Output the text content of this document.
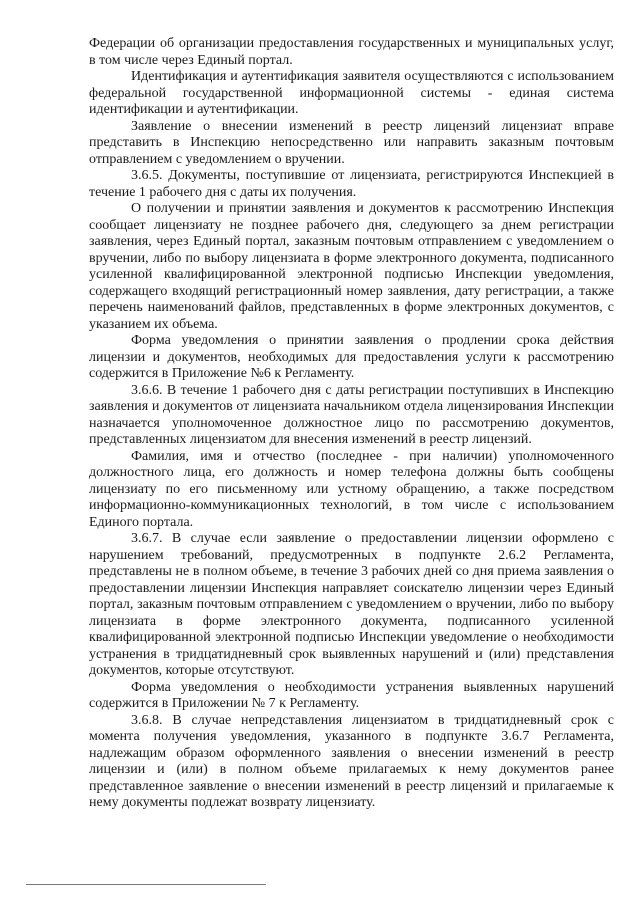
Федерации об организации предоставления государственных и муниципальных услуг, в том числе через Единый портал.

Идентификация и аутентификация заявителя осуществляются с использованием федеральной государственной информационной системы - единая система идентификации и аутентификации.

Заявление о внесении изменений в реестр лицензий лицензиат вправе представить в Инспекцию непосредственно или направить заказным почтовым отправлением с уведомлением о вручении.

3.6.5. Документы, поступившие от лицензиата, регистрируются Инспекцией в течение 1 рабочего дня с даты их получения.

О получении и принятии заявления и документов к рассмотрению Инспекция сообщает лицензиату не позднее рабочего дня, следующего за днем регистрации заявления, через Единый портал, заказным почтовым отправлением с уведомлением о вручении, либо по выбору лицензиата в форме электронного документа, подписанного усиленной квалифицированной электронной подписью Инспекции уведомления, содержащего входящий регистрационный номер заявления, дату регистрации, а также перечень наименований файлов, представленных в форме электронных документов, с указанием их объема.

Форма уведомления о принятии заявления о продлении срока действия лицензии и документов, необходимых для предоставления услуги к рассмотрению содержится в Приложение №6 к Регламенту.

3.6.6. В течение 1 рабочего дня с даты регистрации поступивших в Инспекцию заявления и документов от лицензиата начальником отдела лицензирования Инспекции назначается уполномоченное должностное лицо по рассмотрению документов, представленных лицензиатом для внесения изменений в реестр лицензий.

Фамилия, имя и отчество (последнее - при наличии) уполномоченного должностного лица, его должность и номер телефона должны быть сообщены лицензиату по его письменному или устному обращению, а также посредством информационно-коммуникационных технологий, в том числе с использованием Единого портала.

3.6.7. В случае если заявление о предоставлении лицензии оформлено с нарушением требований, предусмотренных в подпункте 2.6.2 Регламента, представлены не в полном объеме, в течение 3 рабочих дней со дня приема заявления о предоставлении лицензии Инспекция направляет соискателю лицензии через Единый портал, заказным почтовым отправлением с уведомлением о вручении, либо по выбору лицензиата в форме электронного документа, подписанного усиленной квалифицированной электронной подписью Инспекции уведомление о необходимости устранения в тридцатидневный срок выявленных нарушений и (или) представления документов, которые отсутствуют.

Форма уведомления о необходимости устранения выявленных нарушений содержится в Приложении № 7 к Регламенту.

3.6.8. В случае непредставления лицензиатом в тридцатидневный срок с момента получения уведомления, указанного в подпункте 3.6.7 Регламента, надлежащим образом оформленного заявления о внесении изменений в реестр лицензии и (или) в полном объеме прилагаемых к нему документов ранее представленное заявление о внесении изменений в реестр лицензий и прилагаемые к нему документы подлежат возврату лицензиату.
